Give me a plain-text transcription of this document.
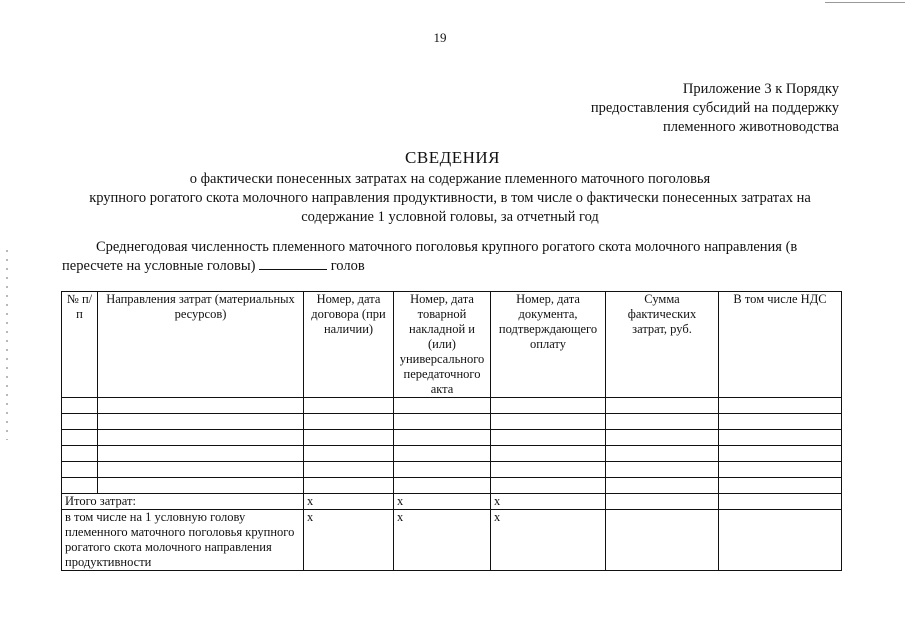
19
Приложение 3 к Порядку
предоставления субсидий на поддержку
племенного животноводства
СВЕДЕНИЯ
о фактически понесенных затратах на содержание племенного маточного поголовья
крупного рогатого скота молочного направления продуктивности, в том числе о фактически понесенных затратах на
содержание 1 условной головы, за отчетный год
Среднегодовая численность племенного маточного поголовья крупного рогатого скота молочного направления (в пересчете на условные головы)	голов
№ п/п	Направления затрат (материальных ресурсов)	Номер, дата договора (при наличии)	Номер, дата товарной накладной и (или) универсального передаточного акта	Номер, дата документа, подтверждающего оплату	Сумма фактических затрат, руб.	В том числе НДС

Итого затрат:		х	х	х		
в том числе на 1 условную голову племенного маточного поголовья крупного рогатого скота молочного направления продуктивности		х	х	х		
